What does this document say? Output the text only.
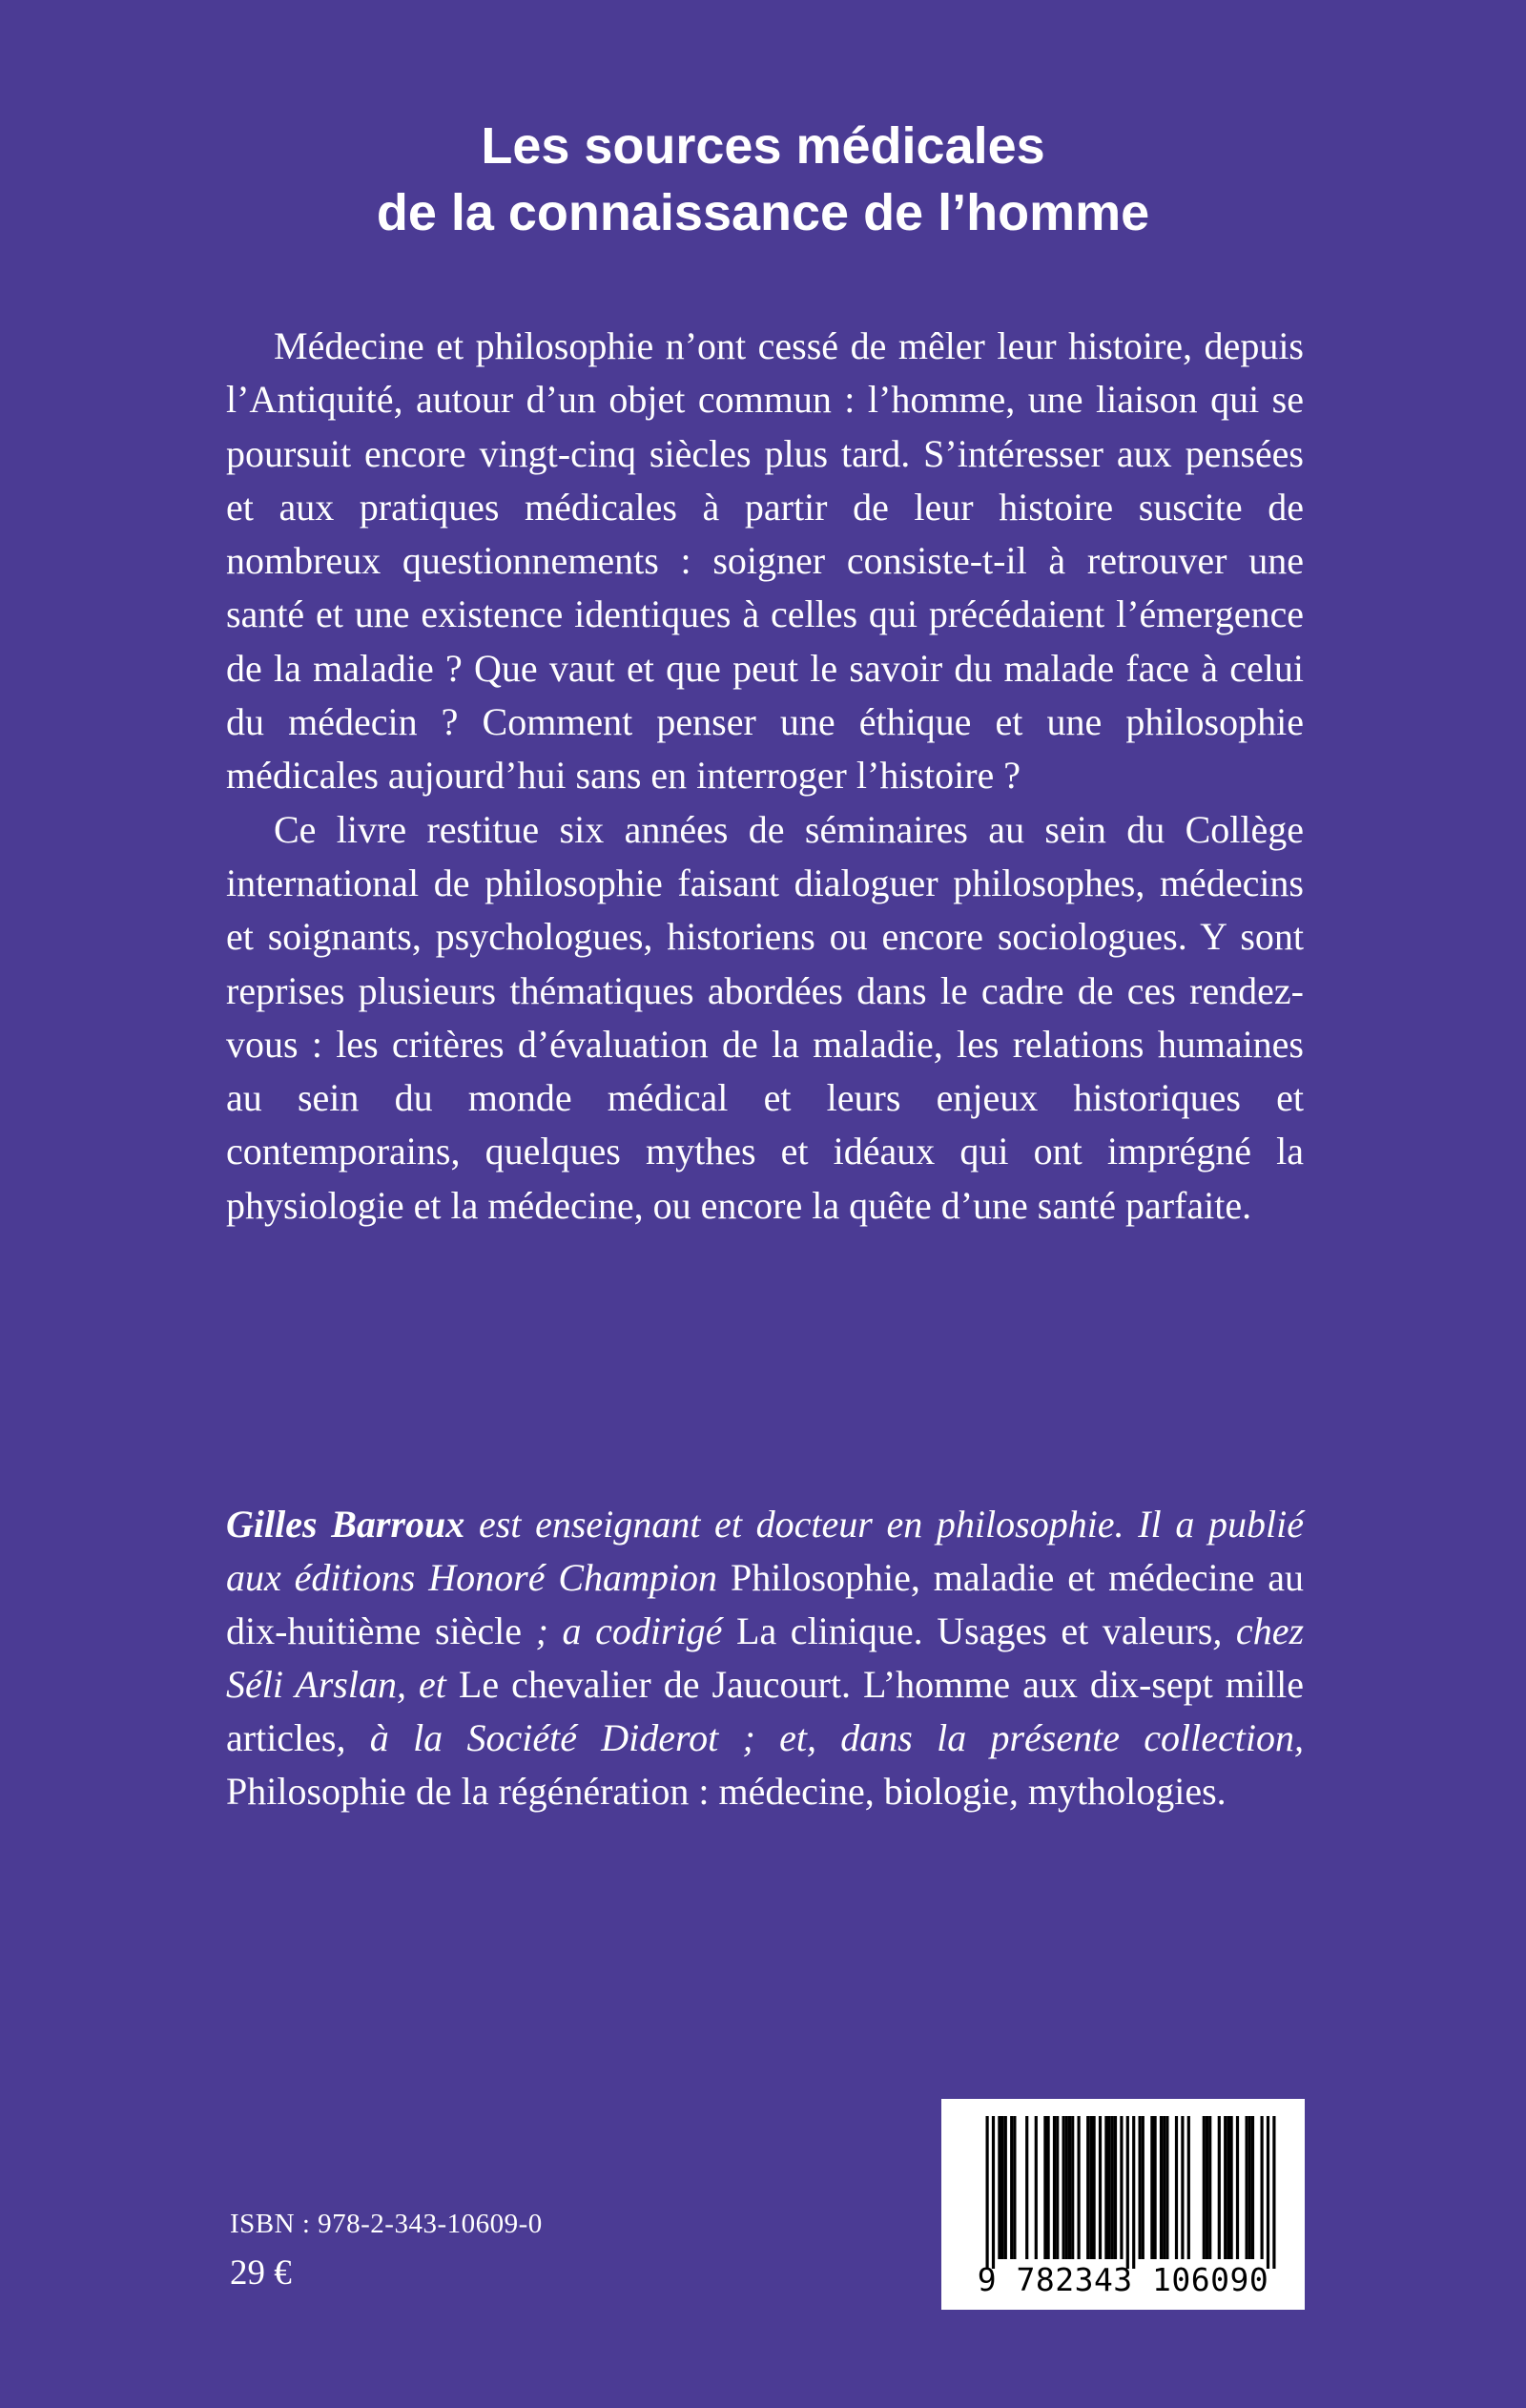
Les sources médicales
de la connaissance de l’homme

Médecine et philosophie n’ont cessé de mêler leur histoire, depuis l’Antiquité, autour d’un objet commun : l’homme, une liaison qui se poursuit encore vingt-cinq siècles plus tard. S’intéresser aux pensées et aux pratiques médicales à partir de leur histoire suscite de nombreux questionnements : soigner consiste-t-il à retrouver une santé et une existence identiques à celles qui précédaient l’émergence de la maladie ? Que vaut et que peut le savoir du malade face à celui du médecin ? Comment penser une éthique et une philosophie médicales aujourd’hui sans en interroger l’histoire ?

Ce livre restitue six années de séminaires au sein du Collège international de philosophie faisant dialoguer philosophes, médecins et soignants, psychologues, historiens ou encore sociologues. Y sont reprises plusieurs thématiques abordées dans le cadre de ces rendez-vous : les critères d’évaluation de la maladie, les relations humaines au sein du monde médical et leurs enjeux historiques et contemporains, quelques mythes et idéaux qui ont imprégné la physiologie et la médecine, ou encore la quête d’une santé parfaite.

Gilles Barroux est enseignant et docteur en philosophie. Il a publié aux éditions Honoré Champion Philosophie, maladie et médecine au dix-huitième siècle ; a codirigé La clinique. Usages et valeurs, chez Séli Arslan, et Le chevalier de Jaucourt. L’homme aux dix-sept mille articles, à la Société Diderot ; et, dans la présente collection, Philosophie de la régénération : médecine, biologie, mythologies.
ISBN : 978-2-343-10609-0
29 €	9 782343 106090
